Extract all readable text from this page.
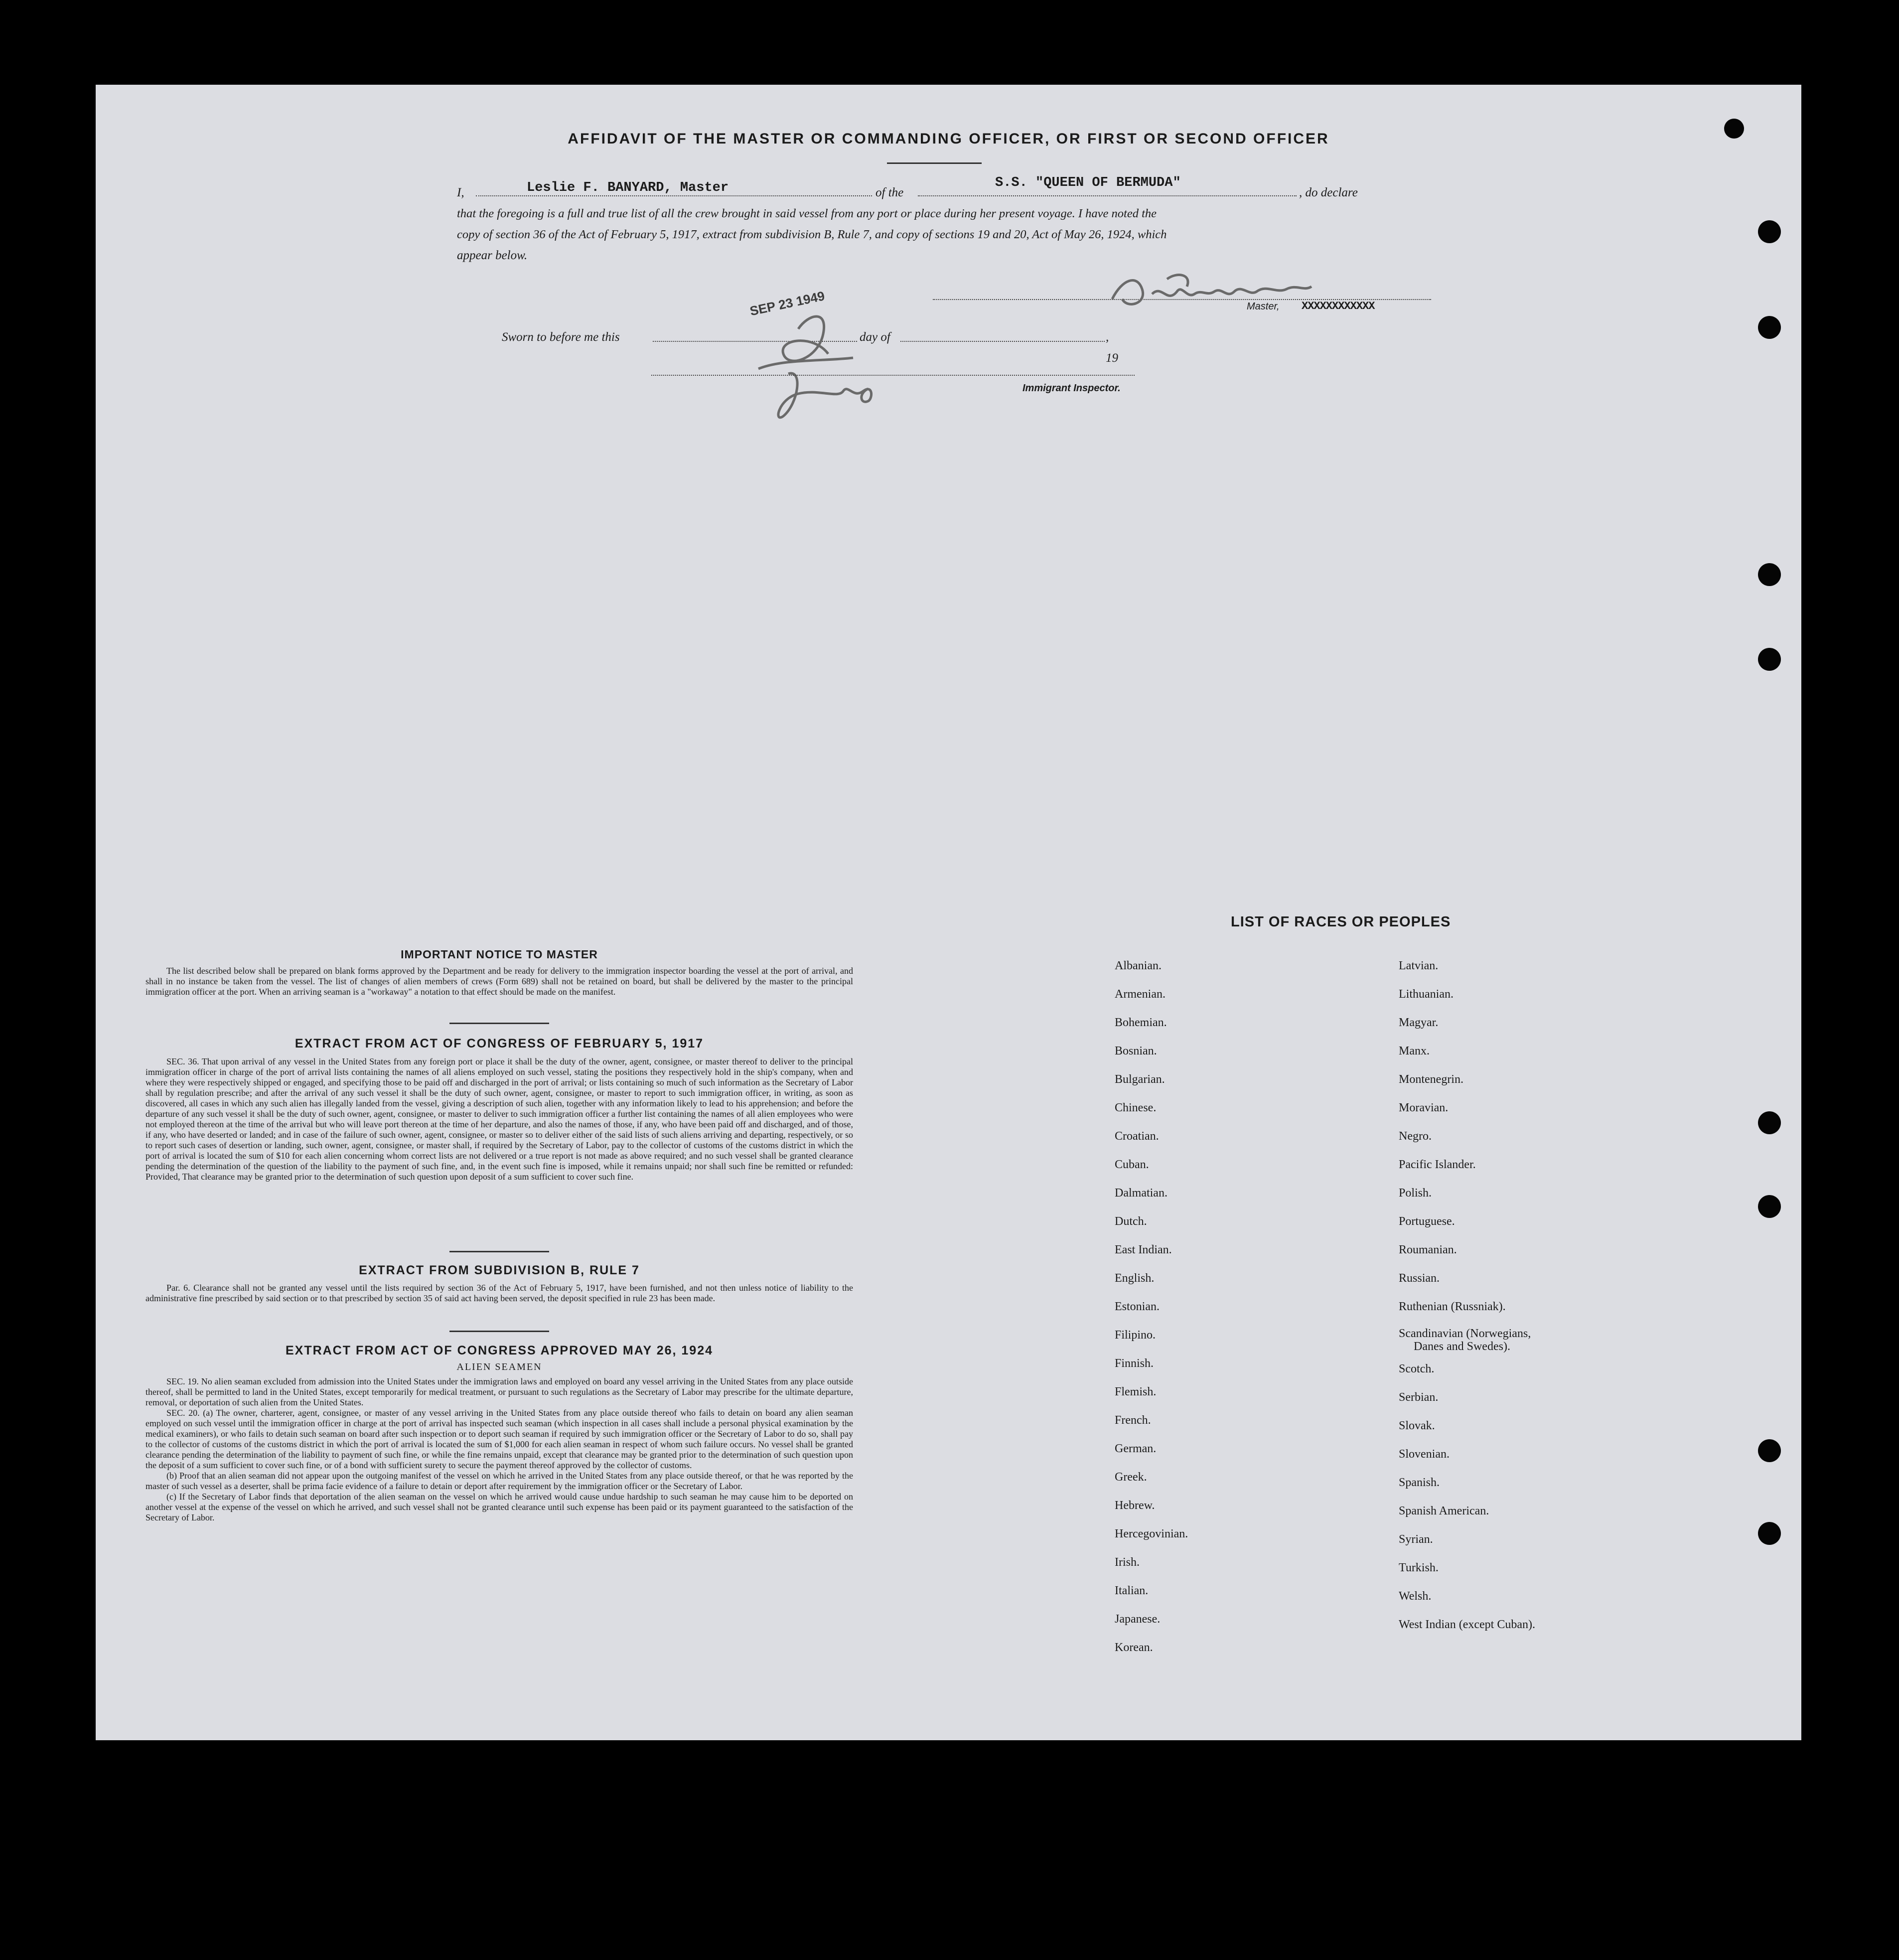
AFFIDAVIT OF THE MASTER OR COMMANDING OFFICER, OR FIRST OR SECOND OFFICER
I,	Leslie F. BANYARD, Master	of the
S.S. "QUEEN OF BERMUDA"
, do declare
that the foregoing is a full and true list of all the crew brought in said vessel from any port or place during her present voyage. I have noted the
copy of section 36 of the Act of February 5, 1917, extract from subdivision B, Rule 7, and copy of sections 19 and 20, Act of May 26, 1924, which
appear below.
Master, XXXXXXXXXXXX
SEP 23 1949
Sworn to before me this	day of	, 19
Immigrant Inspector.
IMPORTANT NOTICE TO MASTER
The list described below shall be prepared on blank forms approved by the Department and be ready for delivery to the immigration inspector boarding the vessel at the port of arrival, and shall in no instance be taken from the vessel. The list of changes of alien members of crews (Form 689) shall not be retained on board, but shall be delivered by the master to the principal immigration officer at the port. When an arriving seaman is a "workaway" a notation to that effect should be made on the manifest.
EXTRACT FROM ACT OF CONGRESS OF FEBRUARY 5, 1917
SEC. 36. That upon arrival of any vessel in the United States from any foreign port or place it shall be the duty of the owner, agent, consignee, or master thereof to deliver to the principal immigration officer in charge of the port of arrival lists containing the names of all aliens employed on such vessel, stating the positions they respectively hold in the ship's company, when and where they were respectively shipped or engaged, and specifying those to be paid off and discharged in the port of arrival; or lists containing so much of such information as the Secretary of Labor shall by regulation prescribe; and after the arrival of any such vessel it shall be the duty of such owner, agent, consignee, or master to report to such immigration officer, in writing, as soon as discovered, all cases in which any such alien has illegally landed from the vessel, giving a description of such alien, together with any information likely to lead to his apprehension; and before the departure of any such vessel it shall be the duty of such owner, agent, consignee, or master to deliver to such immigration officer a further list containing the names of all alien employees who were not employed thereon at the time of the arrival but who will leave port thereon at the time of her departure, and also the names of those, if any, who have been paid off and discharged, and of those, if any, who have deserted or landed; and in case of the failure of such owner, agent, consignee, or master so to deliver either of the said lists of such aliens arriving and departing, respectively, or so to report such cases of desertion or landing, such owner, agent, consignee, or master shall, if required by the Secretary of Labor, pay to the collector of customs of the customs district in which the port of arrival is located the sum of $10 for each alien concerning whom correct lists are not delivered or a true report is not made as above required; and no such vessel shall be granted clearance pending the determination of the question of the liability to the payment of such fine, and, in the event such fine is imposed, while it remains unpaid; nor shall such fine be remitted or refunded: Provided, That clearance may be granted prior to the determination of such question upon deposit of a sum sufficient to cover such fine.
EXTRACT FROM SUBDIVISION B, RULE 7
Par. 6. Clearance shall not be granted any vessel until the lists required by section 36 of the Act of February 5, 1917, have been furnished, and not then unless notice of liability to the administrative fine prescribed by said section or to that prescribed by section 35 of said act having been served, the deposit specified in rule 23 has been made.
EXTRACT FROM ACT OF CONGRESS APPROVED MAY 26, 1924
ALIEN SEAMEN
SEC. 19. No alien seaman excluded from admission into the United States under the immigration laws and employed on board any vessel arriving in the United States from any place outside thereof, shall be permitted to land in the United States, except temporarily for medical treatment, or pursuant to such regulations as the Secretary of Labor may prescribe for the ultimate departure, removal, or deportation of such alien from the United States.
SEC. 20. (a) The owner, charterer, agent, consignee, or master of any vessel arriving in the United States from any place outside thereof who fails to detain on board any alien seaman employed on such vessel until the immigration officer in charge at the port of arrival has inspected such seaman (which inspection in all cases shall include a personal physical examination by the medical examiners), or who fails to detain such seaman on board after such inspection or to deport such seaman if required by such immigration officer or the Secretary of Labor to do so, shall pay to the collector of customs of the customs district in which the port of arrival is located the sum of $1,000 for each alien seaman in respect of whom such failure occurs. No vessel shall be granted clearance pending the determination of the liability to payment of such fine, or while the fine remains unpaid, except that clearance may be granted prior to the determination of such question upon the deposit of a sum sufficient to cover such fine, or of a bond with sufficient surety to secure the payment thereof approved by the collector of customs.
(b) Proof that an alien seaman did not appear upon the outgoing manifest of the vessel on which he arrived in the United States from any place outside thereof, or that he was reported by the master of such vessel as a deserter, shall be prima facie evidence of a failure to detain or deport after requirement by the immigration officer or the Secretary of Labor.
(c) If the Secretary of Labor finds that deportation of the alien seaman on the vessel on which he arrived would cause undue hardship to such seaman he may cause him to be deported on another vessel at the expense of the vessel on which he arrived, and such vessel shall not be granted clearance until such expense has been paid or its payment guaranteed to the satisfaction of the Secretary of Labor.
LIST OF RACES OR PEOPLES
Albanian.
Armenian.
Bohemian.
Bosnian.
Bulgarian.
Chinese.
Croatian.
Cuban.
Dalmatian.
Dutch.
East Indian.
English.
Estonian.
Filipino.
Finnish.
Flemish.
French.
German.
Greek.
Hebrew.
Hercegovinian.
Irish.
Italian.
Japanese.
Korean.
Latvian.
Lithuanian.
Magyar.
Manx.
Montenegrin.
Moravian.
Negro.
Pacific Islander.
Polish.
Portuguese.
Roumanian.
Russian.
Ruthenian (Russniak).
Scandinavian (Norwegians,
Danes and Swedes).
Scotch.
Serbian.
Slovak.
Slovenian.
Spanish.
Spanish American.
Syrian.
Turkish.
Welsh.
West Indian (except Cuban).
